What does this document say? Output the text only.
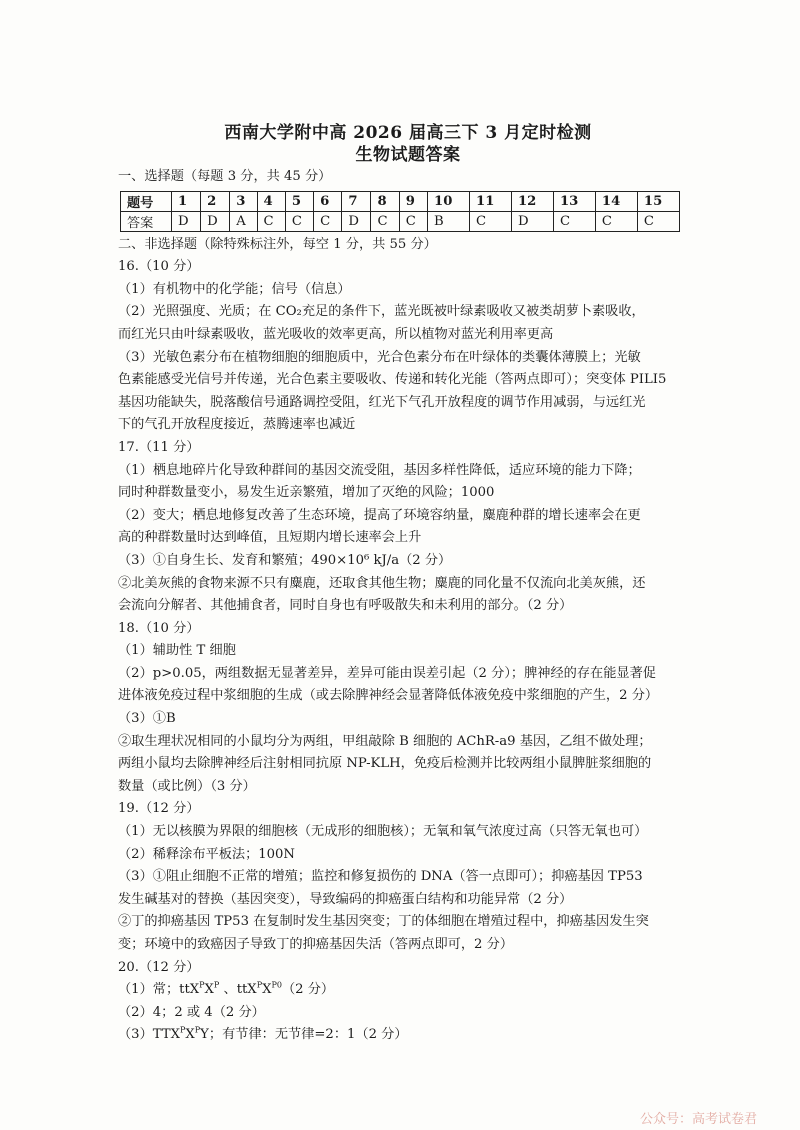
西南大学附中高 2026 届高三下 3 月定时检测
生物试题答案
一、选择题（每题 3 分，共 45 分）
题号	1	2	3	4	5	6	7	8	9	10	11	12	13	14	15
答案	D	D	A	C	C	C	D	C	C	B	C	D	C	C	C
二、非选择题（除特殊标注外，每空 1 分，共 55 分）
16.（10 分）
（1）有机物中的化学能；信号（信息）
（2）光照强度、光质；在 CO₂充足的条件下，蓝光既被叶绿素吸收又被类胡萝卜素吸收，
而红光只由叶绿素吸收，蓝光吸收的效率更高，所以植物对蓝光利用率更高
（3）光敏色素分布在植物细胞的细胞质中，光合色素分布在叶绿体的类囊体薄膜上；光敏
色素能感受光信号并传递，光合色素主要吸收、传递和转化光能（答两点即可）；突变体 PILI5
基因功能缺失，脱落酸信号通路调控受阻，红光下气孔开放程度的调节作用减弱，与远红光
下的气孔开放程度接近，蒸腾速率也减近
17.（11 分）
（1）栖息地碎片化导致种群间的基因交流受阻，基因多样性降低，适应环境的能力下降；
同时种群数量变小，易发生近亲繁殖，增加了灭绝的风险；1000
（2）变大；栖息地修复改善了生态环境，提高了环境容纳量，麋鹿种群的增长速率会在更
高的种群数量时达到峰值，且短期内增长速率会上升
（3）①自身生长、发育和繁殖；490×10⁶ kJ/a（2 分）
②北美灰熊的食物来源不只有麋鹿，还取食其他生物；麋鹿的同化量不仅流向北美灰熊，还
会流向分解者、其他捕食者，同时自身也有呼吸散失和未利用的部分。（2 分）
18.（10 分）
（1）辅助性 T 细胞
（2）p>0.05，两组数据无显著差异，差异可能由误差引起（2 分）；脾神经的存在能显著促
进体液免疫过程中浆细胞的生成（或去除脾神经会显著降低体液免疫中浆细胞的产生，2 分）
（3）①B
②取生理状况相同的小鼠均分为两组，甲组敲除 B 细胞的 AChR-a9 基因，乙组不做处理；
两组小鼠均去除脾神经后注射相同抗原 NP-KLH，免疫后检测并比较两组小鼠脾脏浆细胞的
数量（或比例）（3 分）
19.（12 分）
（1）无以核膜为界限的细胞核（无成形的细胞核）；无氧和氧气浓度过高（只答无氧也可）
（2）稀释涂布平板法；100N
（3）①阻止细胞不正常的增殖；监控和修复损伤的 DNA（答一点即可）；抑癌基因 TP53
发生碱基对的替换（基因突变），导致编码的抑癌蛋白结构和功能异常（2 分）
②丁的抑癌基因 TP53 在复制时发生基因突变；丁的体细胞在增殖过程中，抑癌基因发生突
变；环境中的致癌因子导致丁的抑癌基因失活（答两点即可，2 分）
20.（12 分）
（1）常；$ttX^PX^P$ 、$ttX^PX^{P0}(2$ 分）
（2）4；2 或 4（2 分）
$(3)TTX^PX^PY$；有节律：无节律=2：1（2 分）
公众号：高考试卷君
